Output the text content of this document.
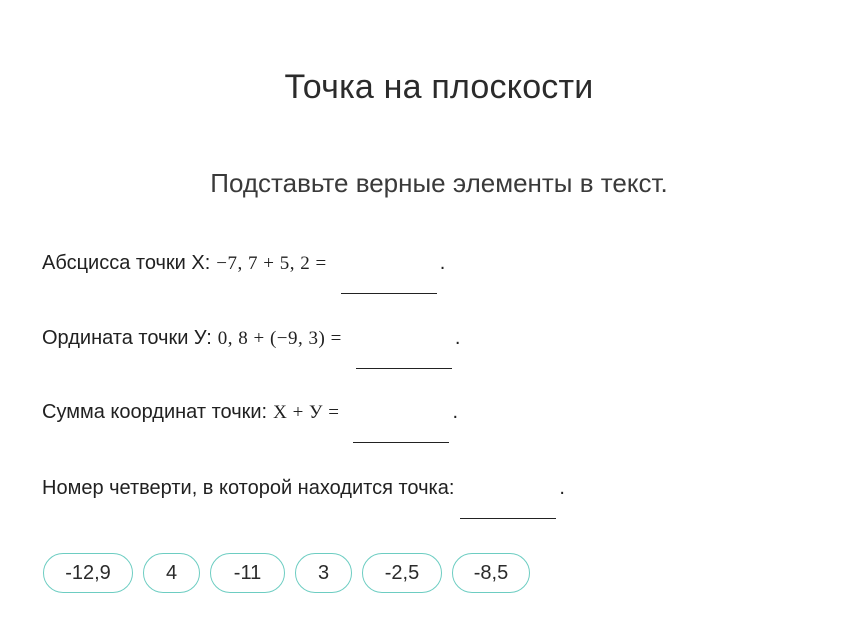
Точка на плоскости
Подставьте верные элементы в текст.
Абсцисса точки X: −7, 7 + 5, 2 =	.
Ордината точки У: 0, 8 + (−9, 3) =	.
Сумма координат точки: X + У =	.
Номер четверти, в которой находится точка:	.
-12,9	4	-11	3	-2,5	-8,5
